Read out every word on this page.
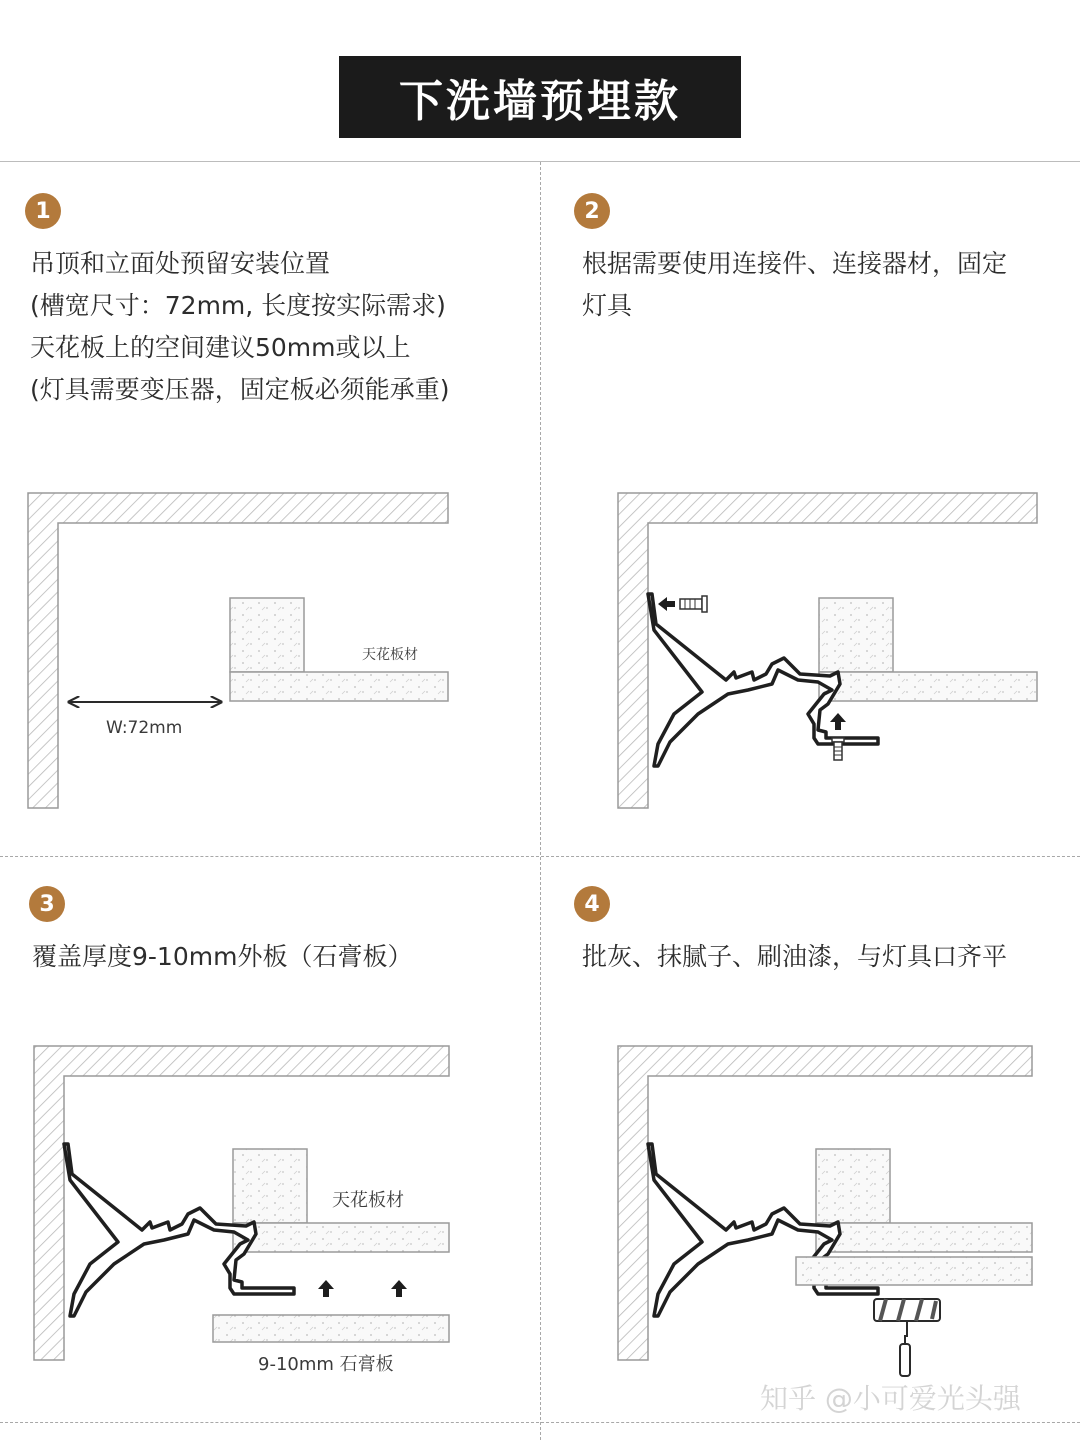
下洗墙预埋款
1	2
3	4
吊顶和立面处预留安装位置
(槽宽尺寸：72mm, 长度按实际需求)
天花板上的空间建议50mm或以上
(灯具需要变压器，固定板必须能承重)
根据需要使用连接件、连接器材，固定
灯具
覆盖厚度9-10mm外板（石膏板）	批灰、抹腻子、刷油漆，与灯具口齐平
天花板材
W:72mm
天花板材
9-10mm 石膏板
知乎 @小可爱光头强
